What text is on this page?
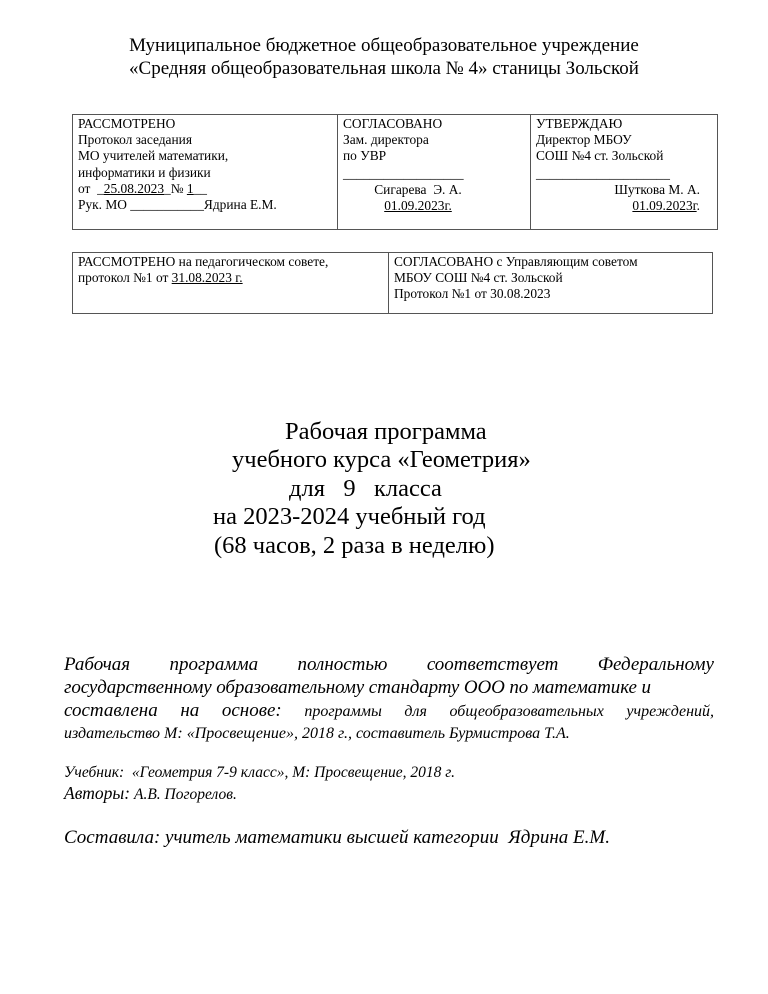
Муниципальное бюджетное общеобразовательное учреждение
«Средняя общеобразовательная школа № 4» станицы Зольской
РАССМОТРЕНО
Протокол заседания
МО учителей математики,
информатики и физики
от  _25.08.2023_№ 1__
Рук. МО ___________Ядрина Е.М.

СОГЛАСОВАНО
Зам. директора
по УВР
__________________
Сигарева  Э. А.
01.09.2023г.

УТВЕРЖДАЮ
Директор МБОУ
СОШ №4 ст. Зольской
____________________
Шуткова М. А.
01.09.2023г.
РАССМОТРЕНО на педагогическом совете,
протокол №1 от 31.08.2023 г.

СОГЛАСОВАНО с Управляющим советом
МБОУ СОШ №4 ст. Зольской
Протокол №1 от 30.08.2023
Рабочая программа
учебного курса «Геометрия»
для   9   класса
на 2023-2024 учебный год
(68 часов, 2 раза в неделю)
Рабочая программа полностью соответствует Федеральному
государственному образовательному стандарту ООО по математике и
составлена на основе: программы для общеобразовательных учреждений,
издательство М: «Просвещение», 2018 г., составитель Бурмистрова Т.А.
Учебник:  «Геометрия 7-9 класс», М: Просвещение, 2018 г.
Авторы: А.В. Погорелов.
Составила: учитель математики высшей категории  Ядрина Е.М.
